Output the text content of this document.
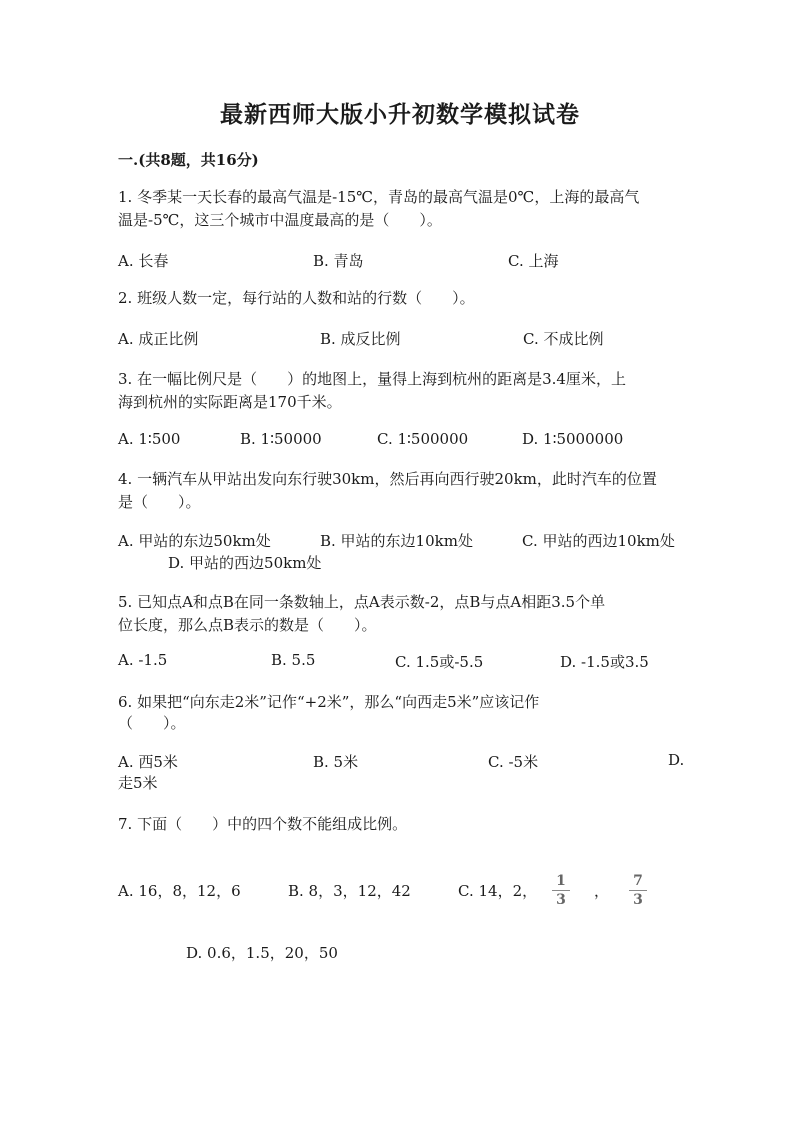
最新西师大版小升初数学模拟试卷
一.(共8题，共16分)
1. 冬季某一天长春的最高气温是-15℃，青岛的最高气温是0℃，上海的最高气
温是-5℃，这三个城市中温度最高的是（　　）。
A. 长春	B. 青岛	C. 上海
2. 班级人数一定，每行站的人数和站的行数（　　）。
A. 成正比例	B. 成反比例	C. 不成比例
3. 在一幅比例尺是（　　）的地图上，量得上海到杭州的距离是3.4厘米，上
海到杭州的实际距离是170千米。
A. 1∶500	B. 1∶50000	C. 1∶500000	D. 1∶5000000
4. 一辆汽车从甲站出发向东行驶30km，然后再向西行驶20km，此时汽车的位置
是（　　）。
A. 甲站的东边50km处	B. 甲站的东边10km处	C. 甲站的西边10km处
D. 甲站的西边50km处
5. 已知点A和点B在同一条数轴上，点A表示数-2，点B与点A相距3.5个单
位长度，那么点B表示的数是（　　）。
A. -1.5	B. 5.5	C. 1.5或-5.5	D. -1.5或3.5
6. 如果把“向东走2米”记作“+2米”，那么“向西走5米”应该记作
（　　）。
A. 西5米	B. 5米	C. -5米	D.
走5米
7. 下面（　　）中的四个数不能组成比例。
A. 16，8，12，6	B. 8，3，12，42	C. 14，2，
1
3 ，
7
3
D. 0.6，1.5，20，50
